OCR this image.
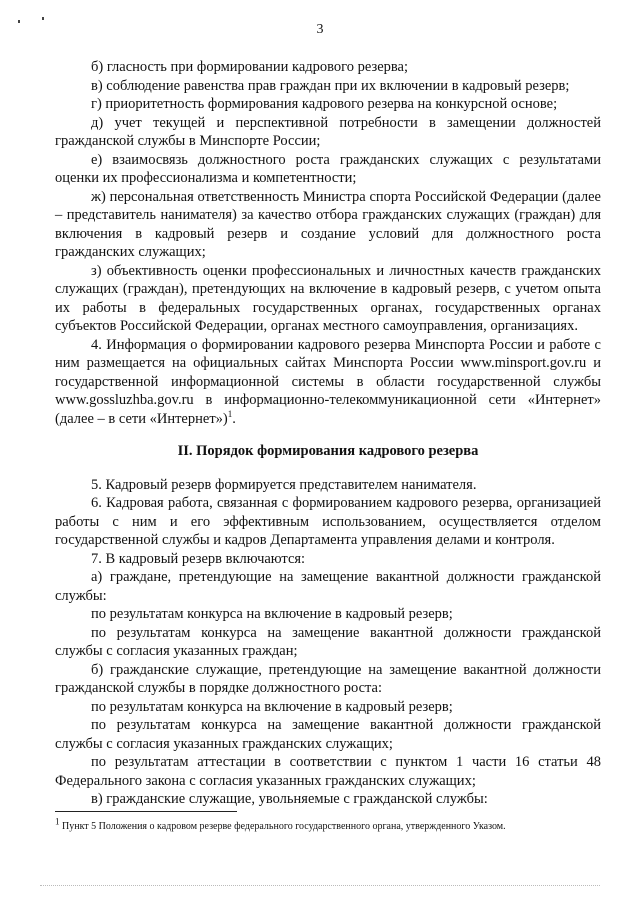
3

б) гласность при формировании кадрового резерва;

в) соблюдение равенства прав граждан при их включении в кадровый резерв;

г) приоритетность формирования кадрового резерва на конкурсной основе;

д) учет текущей и перспективной потребности в замещении должностей гражданской службы в Минспорте России;

е) взаимосвязь должностного роста гражданских служащих с результатами оценки их профессионализма и компетентности;

ж) персональная ответственность Министра спорта Российской Федерации (далее – представитель нанимателя) за качество отбора гражданских служащих (граждан) для включения в кадровый резерв и создание условий для должностного роста гражданских служащих;

з) объективность оценки профессиональных и личностных качеств гражданских служащих (граждан), претендующих на включение в кадровый резерв, с учетом опыта их работы в федеральных государственных органах, государственных органах субъектов Российской Федерации, органах местного самоуправления, организациях.

4. Информация о формировании кадрового резерва Минспорта России и работе с ним размещается на официальных сайтах Минспорта России www.minsport.gov.ru и государственной информационной системы в области государственной службы www.gossluzhba.gov.ru в информационно-телекоммуникационной сети «Интернет» (далее – в сети «Интернет»)$^1$.

II. Порядок формирования кадрового резерва

5. Кадровый резерв формируется представителем нанимателя.

6. Кадровая работа, связанная с формированием кадрового резерва, организацией работы с ним и его эффективным использованием, осуществляется отделом государственной службы и кадров Департамента управления делами и контроля.

7. В кадровый резерв включаются:

а) граждане, претендующие на замещение вакантной должности гражданской службы:

по результатам конкурса на включение в кадровый резерв;

по результатам конкурса на замещение вакантной должности гражданской службы с согласия указанных граждан;

б) гражданские служащие, претендующие на замещение вакантной должности гражданской службы в порядке должностного роста:

по результатам конкурса на включение в кадровый резерв;

по результатам конкурса на замещение вакантной должности гражданской службы с согласия указанных гражданских служащих;

по результатам аттестации в соответствии с пунктом 1 части 16 статьи 48 Федерального закона с согласия указанных гражданских служащих;

в) гражданские служащие, увольняемые с гражданской службы:

$^1$ Пункт 5 Положения о кадровом резерве федерального государственного органа, утвержденного Указом.
